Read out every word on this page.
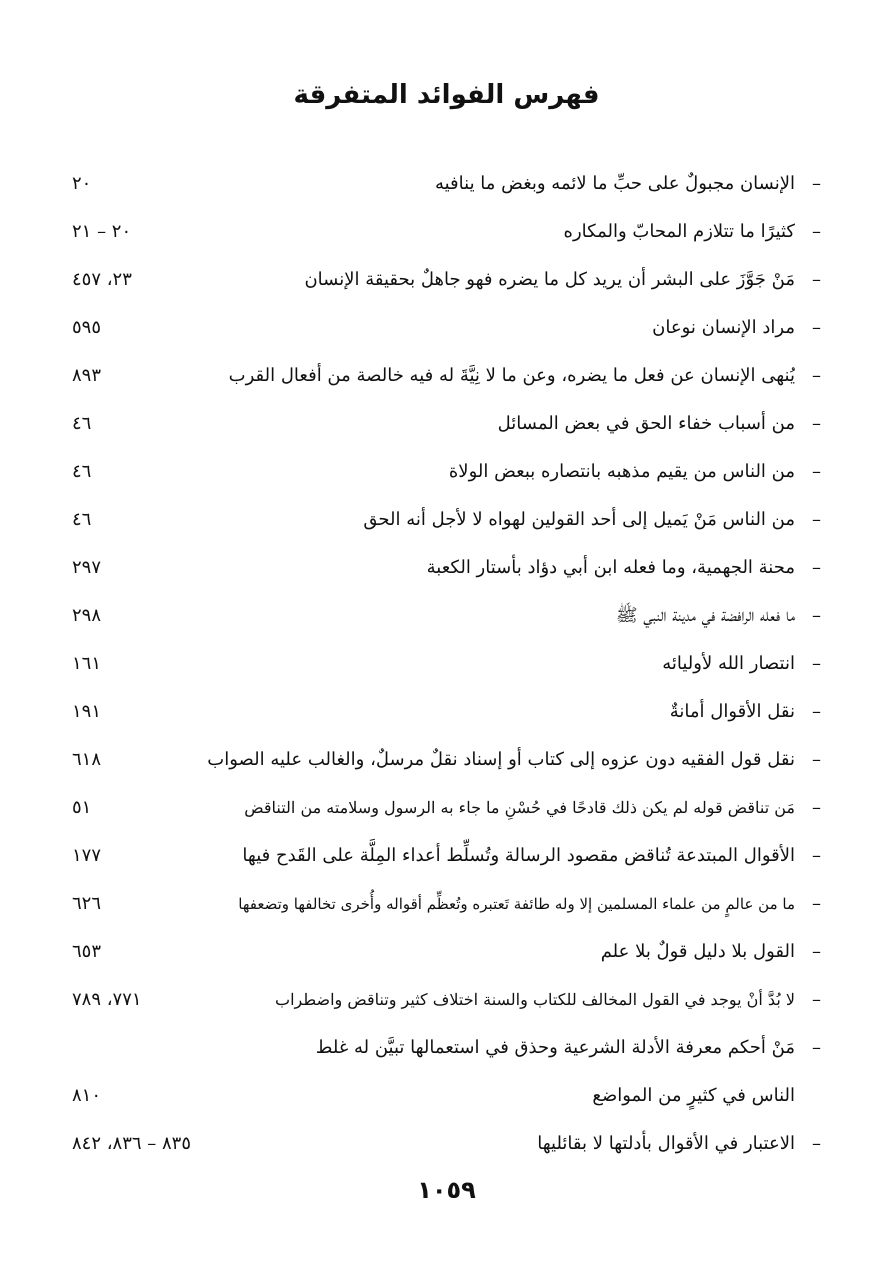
فهرس الفوائد المتفرقة
–
الإنسان مجبولٌ على حبِّ ما لائمه وبغض ما ينافيه
٢٠
–
كثيرًا ما تتلازم المحابّ والمكاره
٢٠ – ٢١
–
مَنْ جَوَّزَ على البشر أن يريد كل ما يضره فهو جاهلٌ بحقيقة الإنسان
٢٣، ٤٥٧
–
مراد الإنسان نوعان
٥٩٥
–
يُنهى الإنسان عن فعل ما يضره، وعن ما لا نِيَّةَ له فيه خالصة من أفعال القرب
٨٩٣
–
من أسباب خفاء الحق في بعض المسائل
٤٦
–
من الناس من يقيم مذهبه بانتصاره ببعض الولاة
٤٦
–
من الناس مَنْ يَميل إلى أحد القولين لهواه لا لأجل أنه الحق
٤٦
–
محنة الجهمية، وما فعله ابن أبي دؤاد بأستار الكعبة
٢٩٧
–
ما فعله الرافضة في مدينة النبي ﷺ
٢٩٨
–
انتصار الله لأوليائه
١٦١
–
نقل الأقوال أمانةٌ
١٩١
–
نقل قول الفقيه دون عزوه إلى كتاب أو إسناد نقلٌ مرسلٌ، والغالب عليه الصواب
٦١٨
–
مَن تناقض قوله لم يكن ذلك قادحًا في حُسْنِ ما جاء به الرسول وسلامته من التناقض
٥١
–
الأقوال المبتدعة تُناقض مقصود الرسالة وتُسلِّط أعداء المِلَّة على القَدح فيها
١٧٧
–
ما من عالمٍ من علماء المسلمين إلا وله طائفة تَعتبره وتُعظِّم أقواله وأُخرى تخالفها وتضعفها
٦٢٦
–
القول بلا دليل قولٌ بلا علم
٦٥٣
–
لا بُدَّ أنْ يوجد في القول المخالف للكتاب والسنة اختلاف كثير وتناقض واضطراب
٧٧١، ٧٨٩
–
مَنْ أحكم معرفة الأدلة الشرعية وحذق في استعمالها تبيَّن له غلط
الناس في كثيرٍ من المواضع
٨١٠
–
الاعتبار في الأقوال بأدلتها لا بقائليها
٨٣٥ – ٨٣٦، ٨٤٢
١٠٥٩
